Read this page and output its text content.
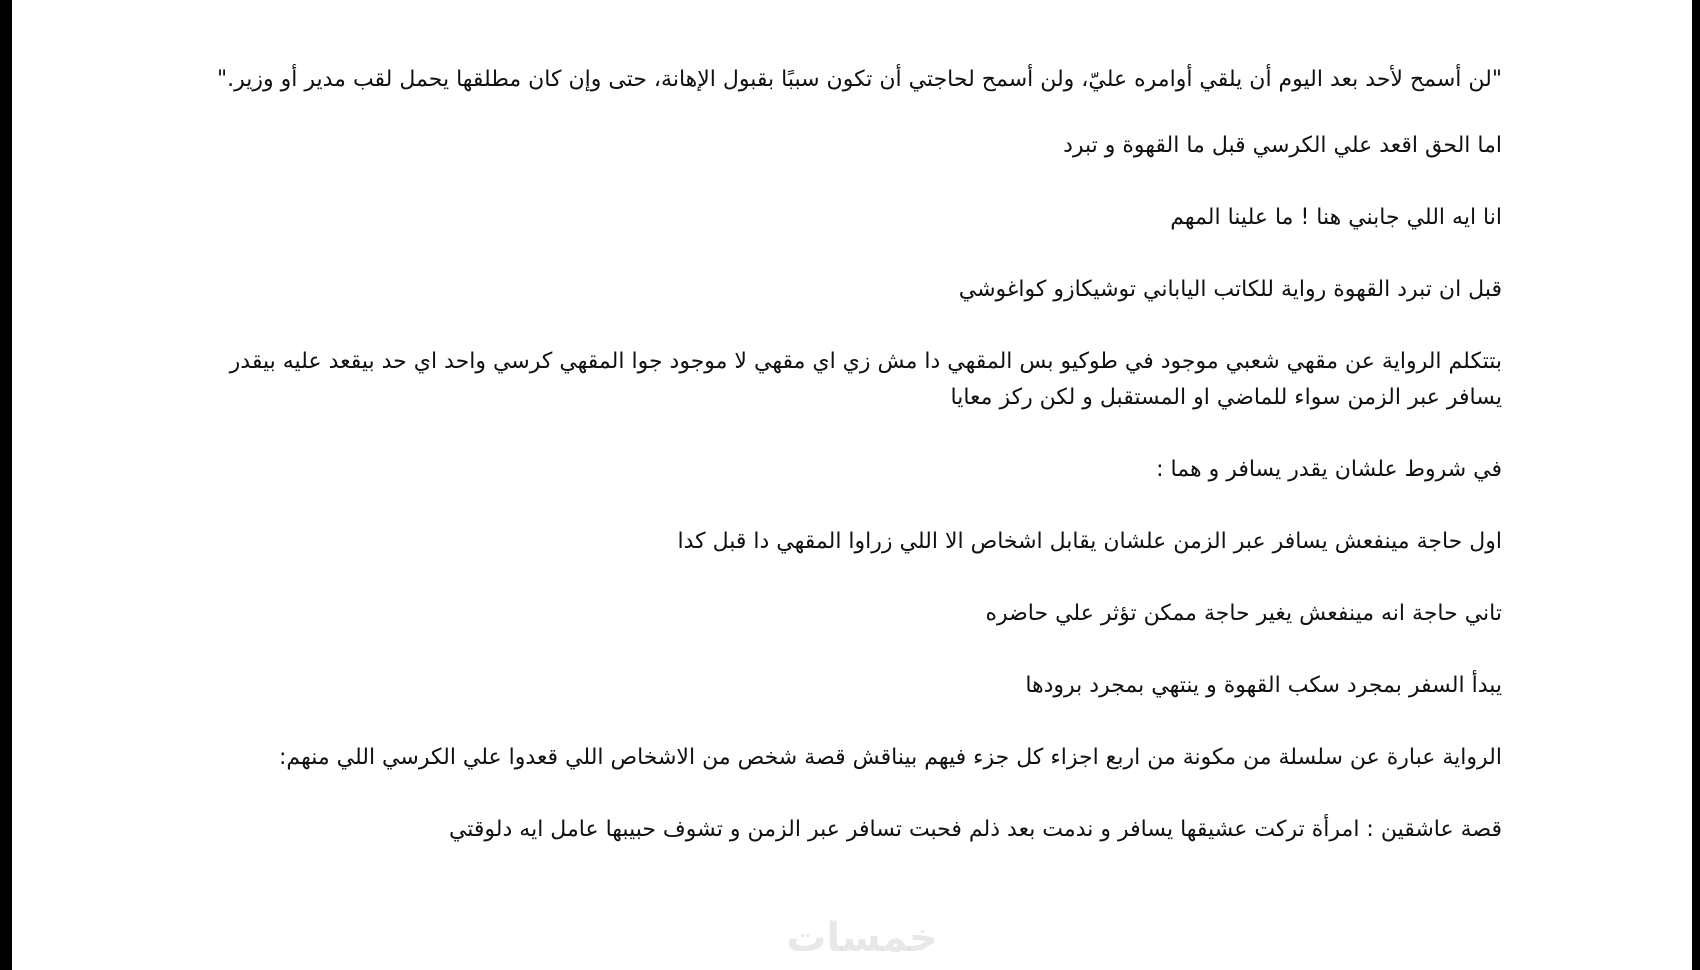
"لن أسمح لأحد بعد اليوم أن يلقي أوامره عليّ، ولن أسمح لحاجتي أن تكون سببًا بقبول الإهانة، حتى وإن كان مطلقها يحمل لقب مدير أو وزير."

اما الحق اقعد علي الكرسي قبل ما القهوة و تبرد

انا ايه اللي جابني هنا ! ما علينا المهم

قبل ان تبرد القهوة رواية للكاتب الياباني توشيكازو كواغوشي

بتتكلم الرواية عن مقهي شعبي موجود في طوكيو بس المقهي دا مش زي اي مقهي لا موجود جوا المقهي كرسي واحد اي حد بيقعد عليه بيقدر يسافر عبر الزمن سواء للماضي او المستقبل و لكن ركز معايا

في شروط علشان يقدر يسافر و هما :

اول حاجة مينفعش يسافر عبر الزمن علشان يقابل اشخاص الا اللي زراوا المقهي دا قبل كدا

تاني حاجة انه مينفعش يغير حاجة ممكن تؤثر علي حاضره

يبدأ السفر بمجرد سكب القهوة و ينتهي بمجرد برودها

الرواية عبارة عن سلسلة من مكونة من اربع اجزاء كل جزء فيهم بيناقش قصة شخص من الاشخاص اللي قعدوا علي الكرسي اللي منهم:

قصة عاشقين : امرأة تركت عشيقها يسافر و ندمت بعد ذلم فحبت تسافر عبر الزمن و تشوف حبيبها عامل ايه دلوقتي

خمسات
